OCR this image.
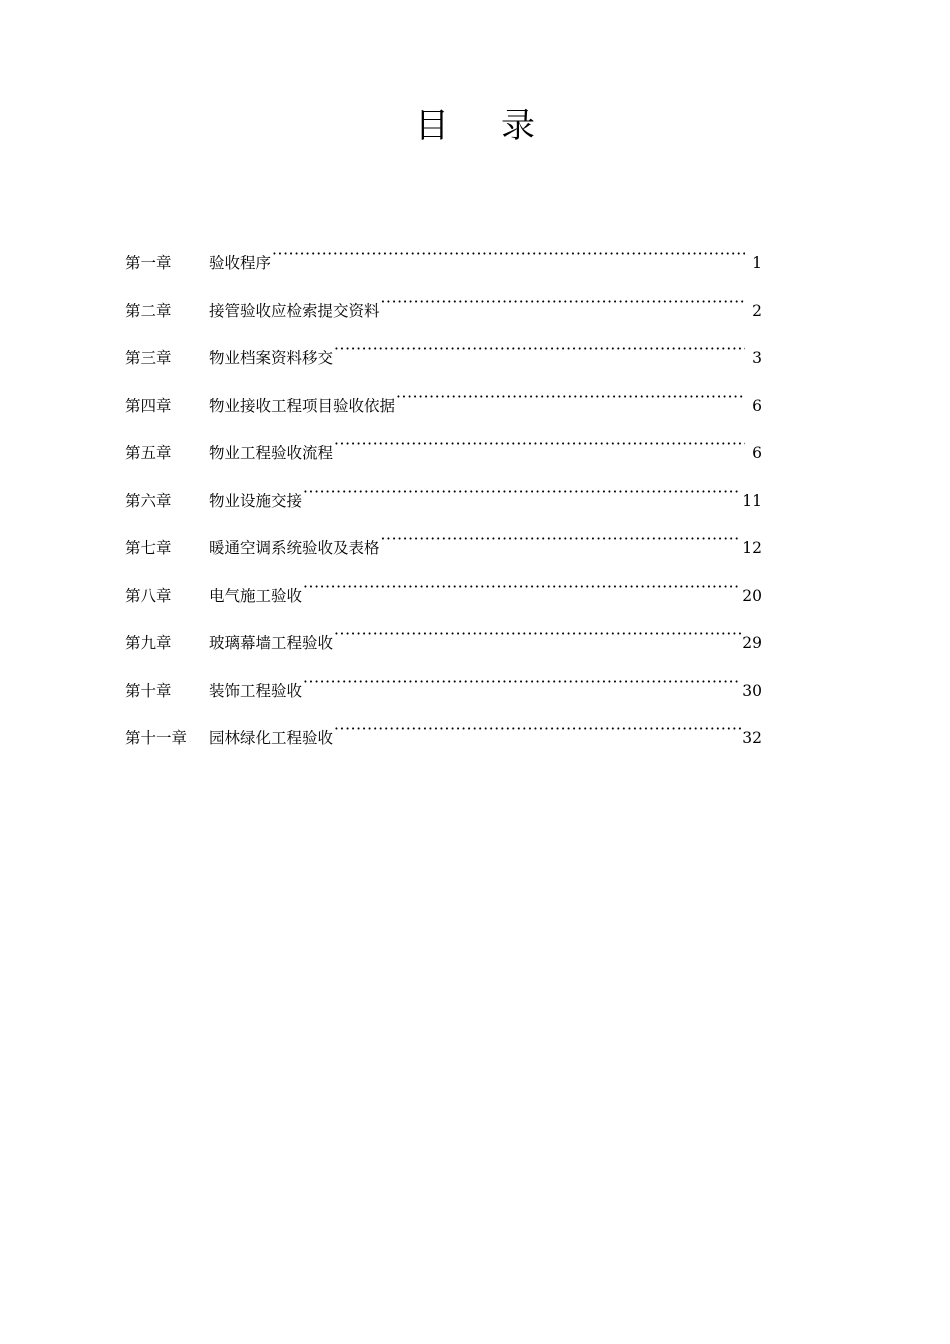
目 录
第一章	验收程序 ·····	1
第二章	接管验收应检索提交资料 ·····	2
第三章	物业档案资料移交 ·····	3
第四章	物业接收工程项目验收依据 ·····	6
第五章	物业工程验收流程 ·····	6
第六章	物业设施交接 ·····	11
第七章	暖通空调系统验收及表格 ·····	12
第八章	电气施工验收 ·····	20
第九章	玻璃幕墙工程验收 ·····	29
第十章	装饰工程验收 ·····	30
第十一章	园林绿化工程验收 ·····	32
